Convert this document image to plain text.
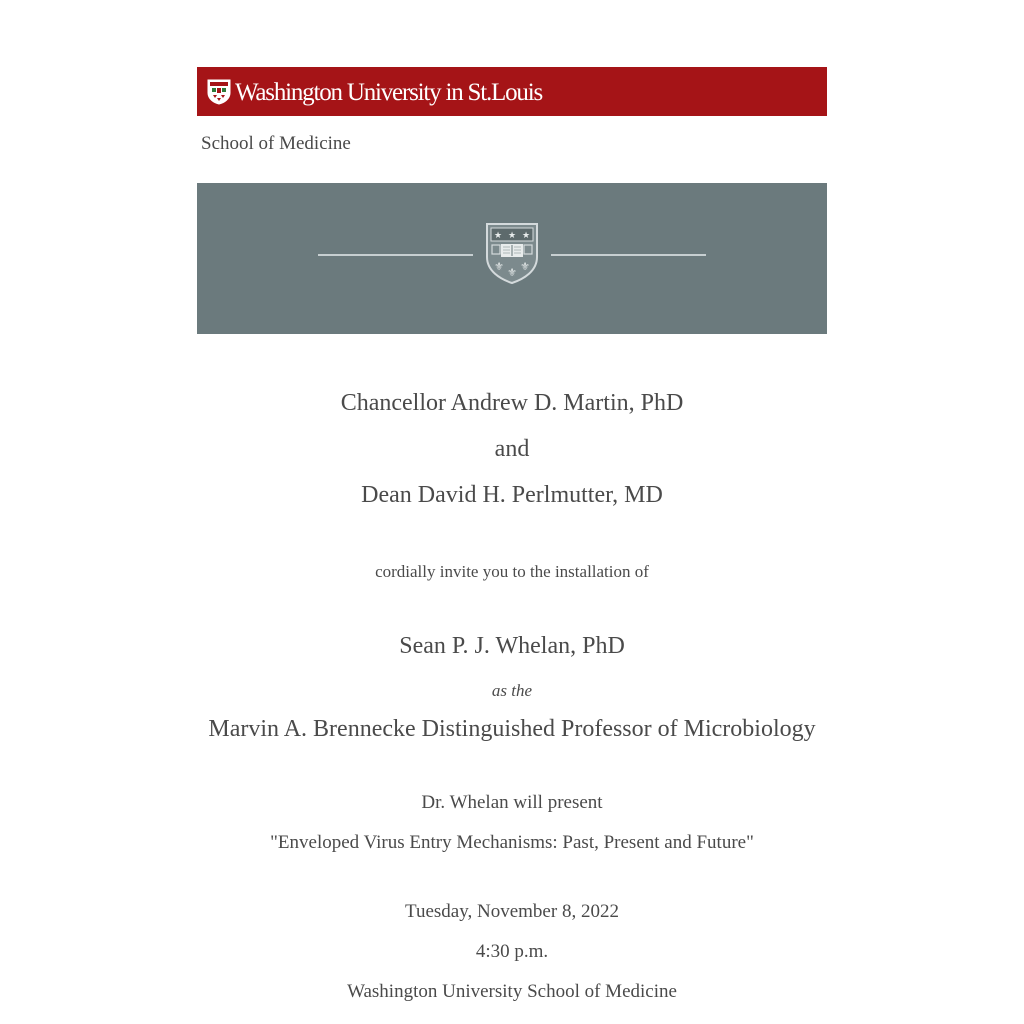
Washington University in St.Louis
School of Medicine
★ ★ ★
⚜ ⚜ ⚜
Chancellor Andrew D. Martin, PhD
and
Dean David H. Perlmutter, MD
cordially invite you to the installation of
Sean P. J. Whelan, PhD
as the
Marvin A. Brennecke Distinguished Professor of Microbiology
Dr. Whelan will present
"Enveloped Virus Entry Mechanisms: Past, Present and Future"
Tuesday, November 8, 2022
4:30 p.m.
Washington University School of Medicine
